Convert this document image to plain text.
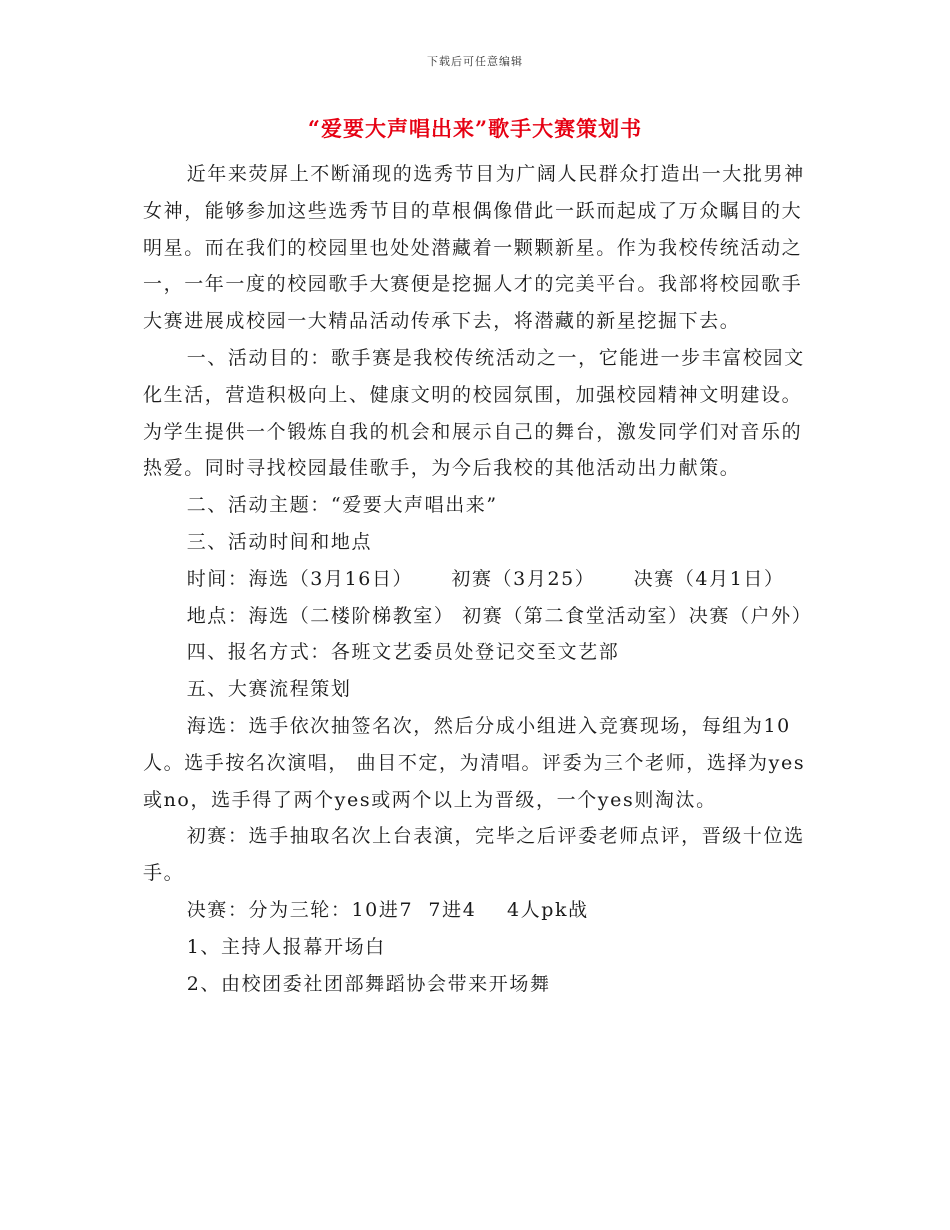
下载后可任意编辑
“爱要大声唱出来”歌手大赛策划书

近年来荧屏上不断涌现的选秀节目为广阔人民群众打造出一大批男神女神，能够参加这些选秀节目的草根偶像借此一跃而起成了万众瞩目的大明星。而在我们的校园里也处处潜藏着一颗颗新星。作为我校传统活动之一，一年一度的校园歌手大赛便是挖掘人才的完美平台。我部将校园歌手大赛进展成校园一大精品活动传承下去，将潜藏的新星挖掘下去。

一、活动目的：歌手赛是我校传统活动之一，它能进一步丰富校园文化生活，营造积极向上、健康文明的校园氛围，加强校园精神文明建设。为学生提供一个锻炼自我的机会和展示自己的舞台，激发同学们对音乐的热爱。同时寻找校园最佳歌手，为今后我校的其他活动出力献策。

二、活动主题：“爱要大声唱出来”

三、活动时间和地点

时间：海选（3月16日）     初赛（3月25）     决赛（4月1日）

地点：海选（二楼阶梯教室） 初赛（第二食堂活动室）决赛（户外）

四、报名方式：各班文艺委员处登记交至文艺部

五、大赛流程策划

海选：选手依次抽签名次，然后分成小组进入竞赛现场，每组为10人。选手按名次演唱， 曲目不定，为清唱。评委为三个老师，选择为yes或no，选手得了两个yes或两个以上为晋级，一个yes则淘汰。

初赛：选手抽取名次上台表演，完毕之后评委老师点评，晋级十位选手。

决赛：分为三轮：10进7  7进4    4人pk战

1、主持人报幕开场白

2、由校团委社团部舞蹈协会带来开场舞
